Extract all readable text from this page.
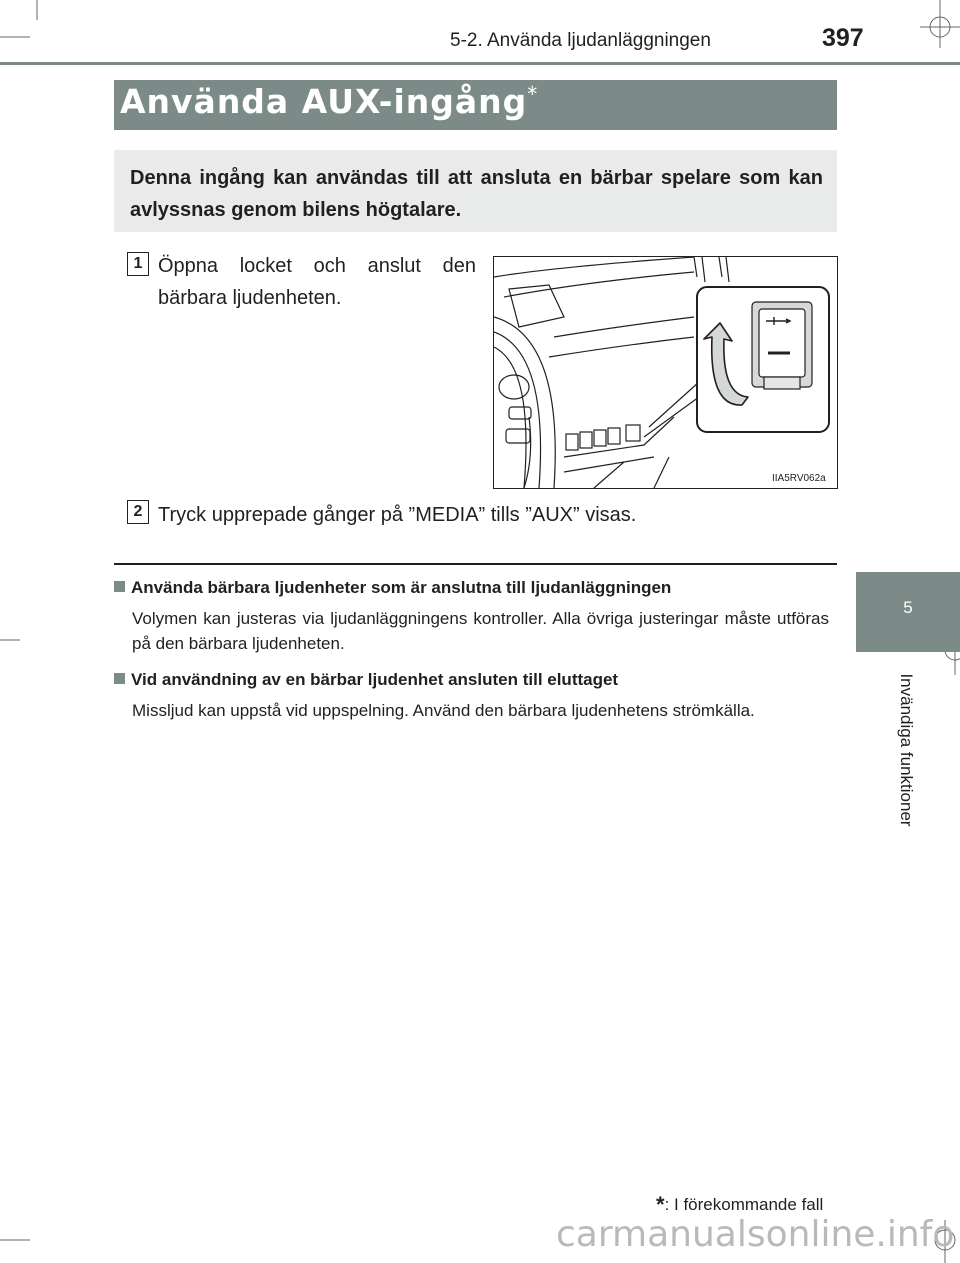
5-2. Använda ljudanläggningen	397
5
Invändiga funktioner
Använda AUX-ingång*
Denna ingång kan användas till att ansluta en bärbar spelare som kan avlyssnas genom bilens högtalare.
1 Öppna locket och anslut den bärbara ljudenheten.
IIA5RV062a
2 Tryck upprepade gånger på ”MEDIA” tills ”AUX” visas.
Använda bärbara ljudenheter som är anslutna till ljudanläggningen
Volymen kan justeras via ljudanläggningens kontroller. Alla övriga justeringar måste utföras på den bärbara ljudenheten.
Vid användning av en bärbar ljudenhet ansluten till eluttaget
Missljud kan uppstå vid uppspelning. Använd den bärbara ljudenhetens strömkälla.
*: I förekommande fall
carmanualsonline.info
